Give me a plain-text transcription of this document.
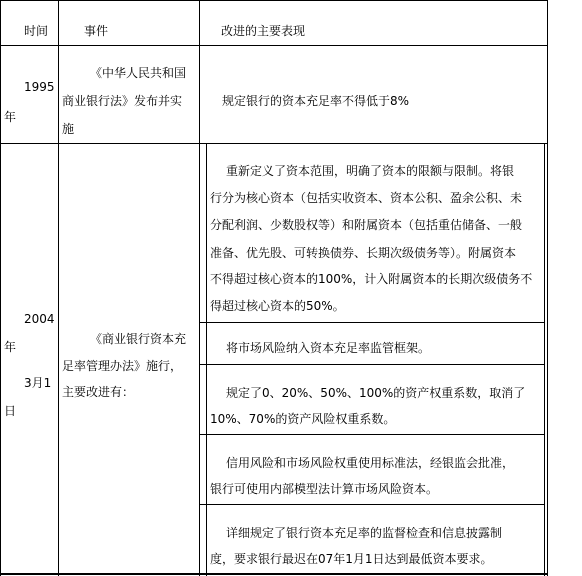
时间	事件	改进的主要表现
1995
年
《中华人民共和国
商业银行法》发布并实
施
规定银行的资本充足率不得低于8%
2004
年
3月1
日
《商业银行资本充
足率管理办法》施行，
主要改进有：
重新定义了资本范围，明确了资本的限额与限制。将银
行分为核心资本（包括实收资本、资本公积、盈余公积、未
分配利润、少数股权等）和附属资本（包括重估储备、一般
准备、优先股、可转换债券、长期次级债务等）。附属资本
不得超过核心资本的100%，计入附属资本的长期次级债务不
得超过核心资本的50%。
将市场风险纳入资本充足率监管框架。
规定了0、20%、50%、100%的资产权重系数，取消了
10%、70%的资产风险权重系数。
信用风险和市场风险权重使用标准法，经银监会批准，
银行可使用内部模型法计算市场风险资本。
详细规定了银行资本充足率的监督检查和信息披露制
度，要求银行最迟在07年1月1日达到最低资本要求。
